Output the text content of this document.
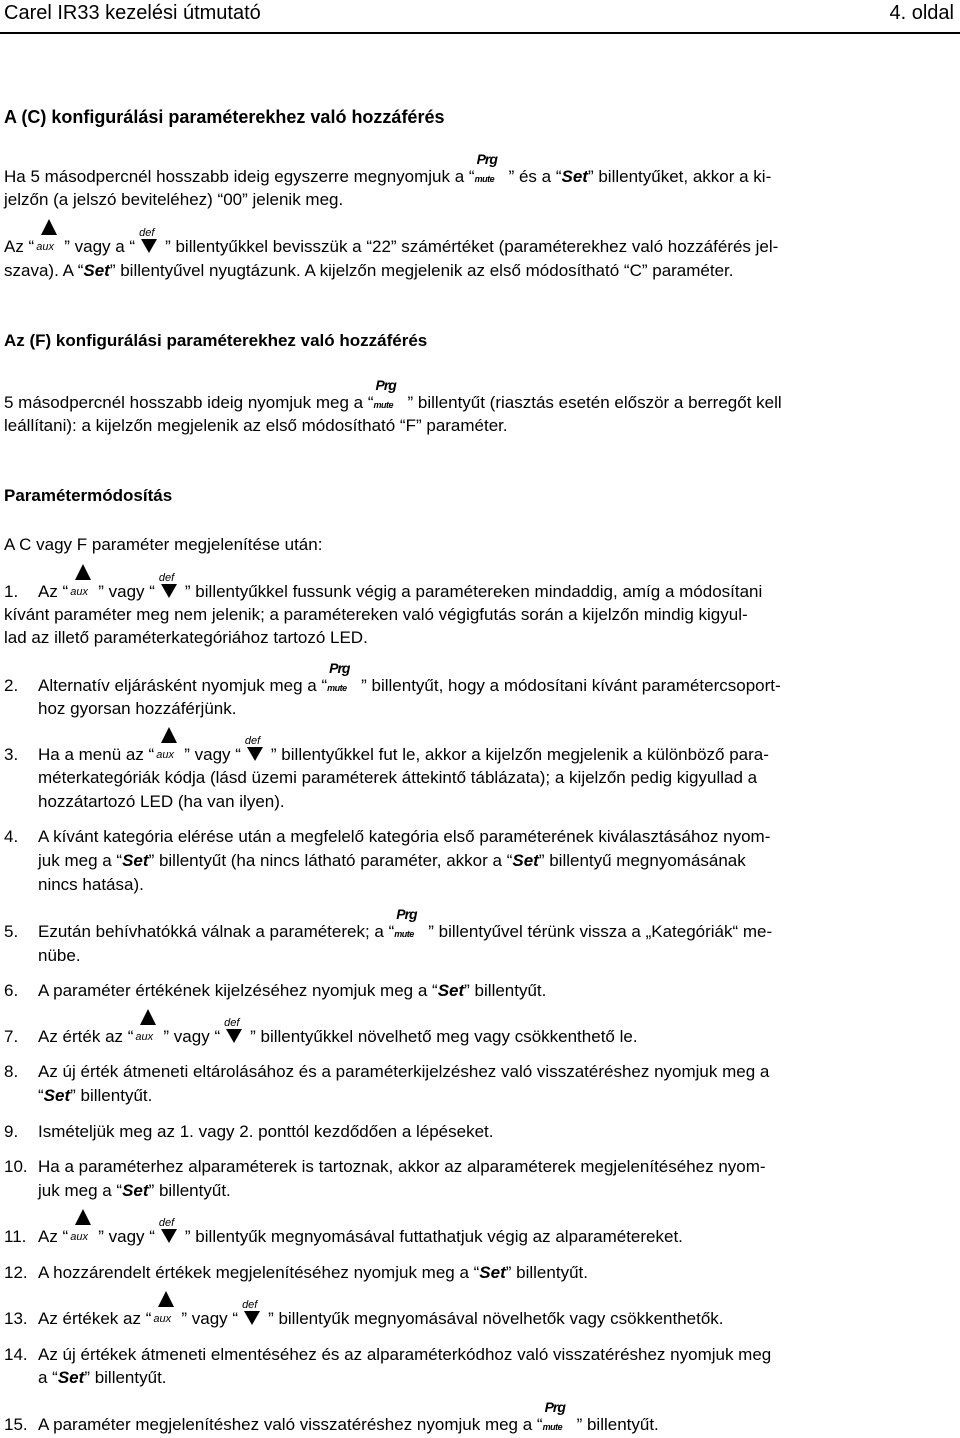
Carel IR33 kezelési útmutató	4. oldal
A (C) konfigurálási paraméterekhez való hozzáférés
Ha 5 másodpercnél hosszabb ideig egyszerre megnyomjuk a “
Prg
mute ” és a “Set” billentyűket, akkor a ki-
jelzőn (a jelszó beviteléhez) “00” jelenik meg.
Az “ aux ” vagy a “
def
” billentyűkkel bevisszük a “22” számértéket (paraméterekhez való hozzáférés jel-
szava). A “Set” billentyűvel nyugtázunk. A kijelzőn megjelenik az első módosítható “C” paraméter.
Az (F) konfigurálási paraméterekhez való hozzáférés
5 másodpercnél hosszabb ideig nyomjuk meg a “
Prg
mute ” billentyűt (riasztás esetén először a berregőt kell
leállítani): a kijelzőn megjelenik az első módosítható “F” paraméter.
Paramétermódosítás
A C vagy F paraméter megjelenítése után:
1. Az “ aux ” vagy “
def
” billentyűkkel fussunk végig a paramétereken mindaddig, amíg a módosítani
kívánt paraméter meg nem jelenik; a paramétereken való végigfutás során a kijelzőn mindig kigyul-
lad az illető paraméterkategóriához tartozó LED.
2. Alternatív eljárásként nyomjuk meg a “
Prg
mute ” billentyűt, hogy a módosítani kívánt paramétercsoport-
hoz gyorsan hozzáférjünk.
3. Ha a menü az “ aux ” vagy “
def
” billentyűkkel fut le, akkor a kijelzőn megjelenik a különböző para-
méterkategóriák kódja (lásd üzemi paraméterek áttekintő táblázata); a kijelzőn pedig kigyullad a
hozzátartozó LED (ha van ilyen).
4. A kívánt kategória elérése után a megfelelő kategória első paraméterének kiválasztásához nyom-
juk meg a “Set” billentyűt (ha nincs látható paraméter, akkor a “Set” billentyű megnyomásának
nincs hatása).
5. Ezután behívhatókká válnak a paraméterek; a “
Prg
mute ” billentyűvel térünk vissza a „Kategóriák“ me-
nübe.
6. A paraméter értékének kijelzéséhez nyomjuk meg a “Set” billentyűt.
7. Az érték az “ aux ” vagy “
def
” billentyűkkel növelhető meg vagy csökkenthető le.
8. Az új érték átmeneti eltárolásához és a paraméterkijelzéshez való visszatéréshez nyomjuk meg a
“Set” billentyűt.
9. Ismételjük meg az 1. vagy 2. ponttól kezdődően a lépéseket.
10. Ha a paraméterhez alparaméterek is tartoznak, akkor az alparaméterek megjelenítéséhez nyom-
juk meg a “Set” billentyűt.
11. Az “ aux ” vagy “
def
” billentyűk megnyomásával futtathatjuk végig az alparamétereket.
12. A hozzárendelt értékek megjelenítéséhez nyomjuk meg a “Set” billentyűt.
13. Az értékek az “ aux ” vagy “
def
” billentyűk megnyomásával növelhetők vagy csökkenthetők.
14. Az új értékek átmeneti elmentéséhez és az alparaméterkódhoz való visszatéréshez nyomjuk meg
a “Set” billentyűt.
15. A paraméter megjelenítéshez való visszatéréshez nyomjuk meg a “
Prg
mute ” billentyűt.
